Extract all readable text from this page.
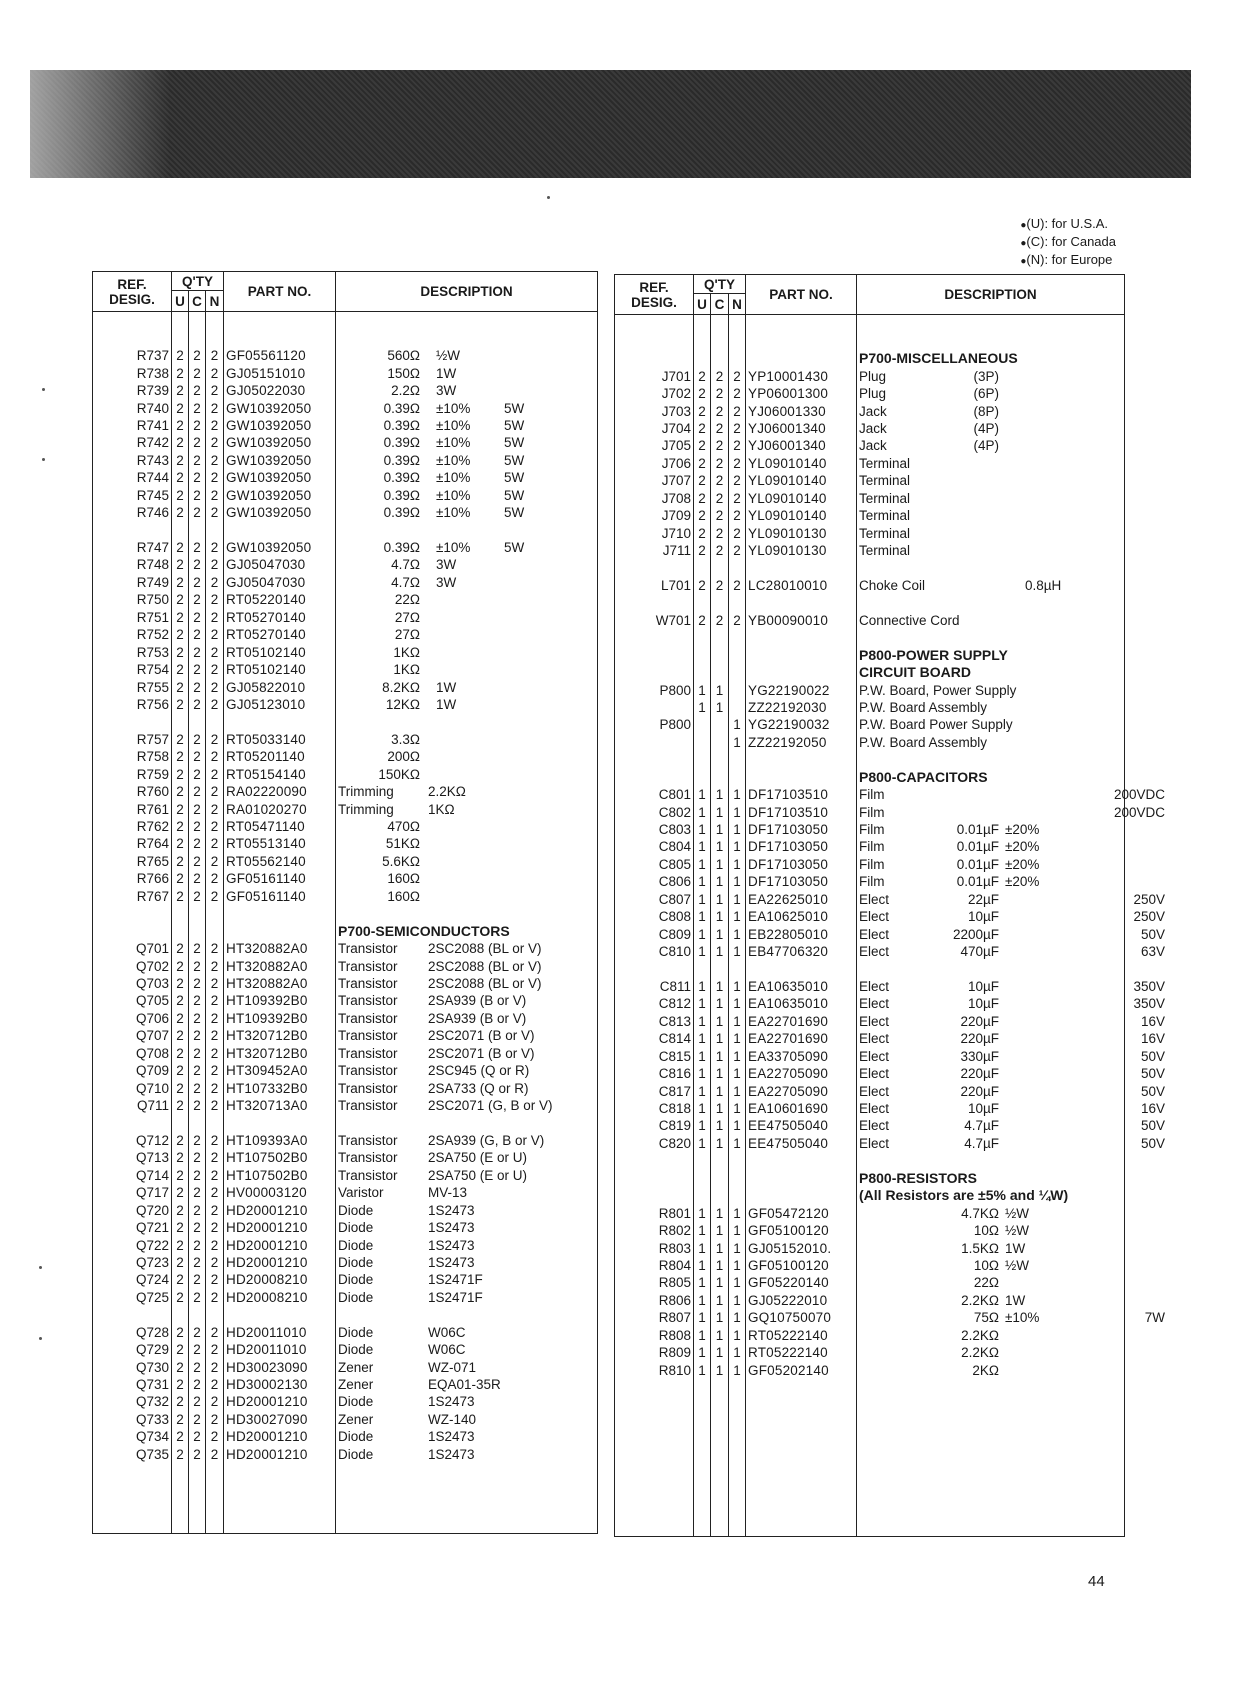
● (U): for U.S.A.
● (C): for Canada
● (N): for Europe
REF. DESIG.	Q'TY			PART NO.	DESCRIPTION
	U	C	N		

R737	2	2	2	GF05561120	560Ω ½W
R738	2	2	2	GJ05151010	150Ω 1W
R739	2	2	2	GJ05022030	2.2Ω 3W
R740	2	2	2	GW10392050	0.39Ω ±10% 5W
R741	2	2	2	GW10392050	0.39Ω ±10% 5W
R742	2	2	2	GW10392050	0.39Ω ±10% 5W
R743	2	2	2	GW10392050	0.39Ω ±10% 5W
R744	2	2	2	GW10392050	0.39Ω ±10% 5W
R745	2	2	2	GW10392050	0.39Ω ±10% 5W
R746	2	2	2	GW10392050	0.39Ω ±10% 5W

R747	2	2	2	GW10392050	0.39Ω ±10% 5W
R748	2	2	2	GJ05047030	4.7Ω 3W
R749	2	2	2	GJ05047030	4.7Ω 3W
R750	2	2	2	RT05220140	22Ω
R751	2	2	2	RT05270140	27Ω
R752	2	2	2	RT05270140	27Ω
R753	2	2	2	RT05102140	1KΩ
R754	2	2	2	RT05102140	1KΩ
R755	2	2	2	GJ05822010	8.2KΩ 1W
R756	2	2	2	GJ05123010	12KΩ 1W

R757	2	2	2	RT05033140	3.3Ω
R758	2	2	2	RT05201140	200Ω
R759	2	2	2	RT05154140	150KΩ
R760	2	2	2	RA02220090	Trimming 2.2KΩ
R761	2	2	2	RA01020270	Trimming 1KΩ
R762	2	2	2	RT05471140	470Ω
R764	2	2	2	RT05513140	51KΩ
R765	2	2	2	RT05562140	5.6KΩ
R766	2	2	2	GF05161140	160Ω
R767	2	2	2	GF05161140	160Ω

					P700-SEMICONDUCTORS
Q701	2	2	2	HT320882A0	Transistor 2SC2088 (BL or V)
Q702	2	2	2	HT320882A0	Transistor 2SC2088 (BL or V)
Q703	2	2	2	HT320882A0	Transistor 2SC2088 (BL or V)
Q705	2	2	2	HT109392B0	Transistor 2SA939 (B or V)
Q706	2	2	2	HT109392B0	Transistor 2SA939 (B or V)
Q707	2	2	2	HT320712B0	Transistor 2SC2071 (B or V)
Q708	2	2	2	HT320712B0	Transistor 2SC2071 (B or V)
Q709	2	2	2	HT309452A0	Transistor 2SC945 (Q or R)
Q710	2	2	2	HT107332B0	Transistor 2SA733 (Q or R)
Q711	2	2	2	HT320713A0	Transistor 2SC2071 (G, B or V)

Q712	2	2	2	HT109393A0	Transistor 2SA939 (G, B or V)
Q713	2	2	2	HT107502B0	Transistor 2SA750 (E or U)
Q714	2	2	2	HT107502B0	Transistor 2SA750 (E or U)
Q717	2	2	2	HV00003120	Varistor MV-13
Q720	2	2	2	HD20001210	Diode 1S2473
Q721	2	2	2	HD20001210	Diode 1S2473
Q722	2	2	2	HD20001210	Diode 1S2473
Q723	2	2	2	HD20001210	Diode 1S2473
Q724	2	2	2	HD20008210	Diode 1S2471F
Q725	2	2	2	HD20008210	Diode 1S2471F

Q728	2	2	2	HD20011010	Diode W06C
Q729	2	2	2	HD20011010	Diode W06C
Q730	2	2	2	HD30023090	Zener WZ-071
Q731	2	2	2	HD30002130	Zener EQA01-35R
Q732	2	2	2	HD20001210	Diode 1S2473
Q733	2	2	2	HD30027090	Zener WZ-140
Q734	2	2	2	HD20001210	Diode 1S2473
Q735	2	2	2	HD20001210	Diode 1S2473

REF. DESIG.	Q'TY			PART NO.	DESCRIPTION
	U	C	N		

					P700-MISCELLANEOUS
J701	2	2	2	YP10001430	Plug (3P)
J702	2	2	2	YP06001300	Plug (6P)
J703	2	2	2	YJ06001330	Jack (8P)
J704	2	2	2	YJ06001340	Jack (4P)
J705	2	2	2	YJ06001340	Jack (4P)
J706	2	2	2	YL09010140	Terminal
J707	2	2	2	YL09010140	Terminal
J708	2	2	2	YL09010140	Terminal
J709	2	2	2	YL09010140	Terminal
J710	2	2	2	YL09010130	Terminal
J711	2	2	2	YL09010130	Terminal

L701	2	2	2	LC28010010	Choke Coil 0.8µH

W701	2	2	2	YB00090010	Connective Cord

					P800-POWER SUPPLY
					CIRCUIT BOARD
P800	1	1		YG22190022	P.W. Board, Power Supply
	1	1		ZZ22192030	P.W. Board Assembly
P800			1	YG22190032	P.W. Board Power Supply
			1	ZZ22192050	P.W. Board Assembly

					P800-CAPACITORS
C801	1	1	1	DF17103510	Film 200VDC
C802	1	1	1	DF17103510	Film 200VDC
C803	1	1	1	DF17103050	Film 0.01µF ±20%
C804	1	1	1	DF17103050	Film 0.01µF ±20%
C805	1	1	1	DF17103050	Film 0.01µF ±20%
C806	1	1	1	DF17103050	Film 0.01µF ±20%
C807	1	1	1	EA22625010	Elect 22µF 250V
C808	1	1	1	EA10625010	Elect 10µF 250V
C809	1	1	1	EB22805010	Elect 2200µF 50V
C810	1	1	1	EB47706320	Elect 470µF 63V

C811	1	1	1	EA10635010	Elect 10µF 350V
C812	1	1	1	EA10635010	Elect 10µF 350V
C813	1	1	1	EA22701690	Elect 220µF 16V
C814	1	1	1	EA22701690	Elect 220µF 16V
C815	1	1	1	EA33705090	Elect 330µF 50V
C816	1	1	1	EA22705090	Elect 220µF 50V
C817	1	1	1	EA22705090	Elect 220µF 50V
C818	1	1	1	EA10601690	Elect 10µF 16V
C819	1	1	1	EE47505040	Elect 4.7µF 50V
C820	1	1	1	EE47505040	Elect 4.7µF 50V

					P800-RESISTORS
					(All Resistors are ±5% and ¼W)
R801	1	1	1	GF05472120	4.7KΩ ½W
R802	1	1	1	GF05100120	10Ω ½W
R803	1	1	1	GJ05152010.	1.5KΩ 1W
R804	1	1	1	GF05100120	10Ω ½W
R805	1	1	1	GF05220140	22Ω
R806	1	1	1	GJ05222010	2.2KΩ 1W
R807	1	1	1	GQ10750070	75Ω ±10% 7W
R808	1	1	1	RT05222140	2.2KΩ
R809	1	1	1	RT05222140	2.2KΩ
R810	1	1	1	GF05202140	2KΩ

44
